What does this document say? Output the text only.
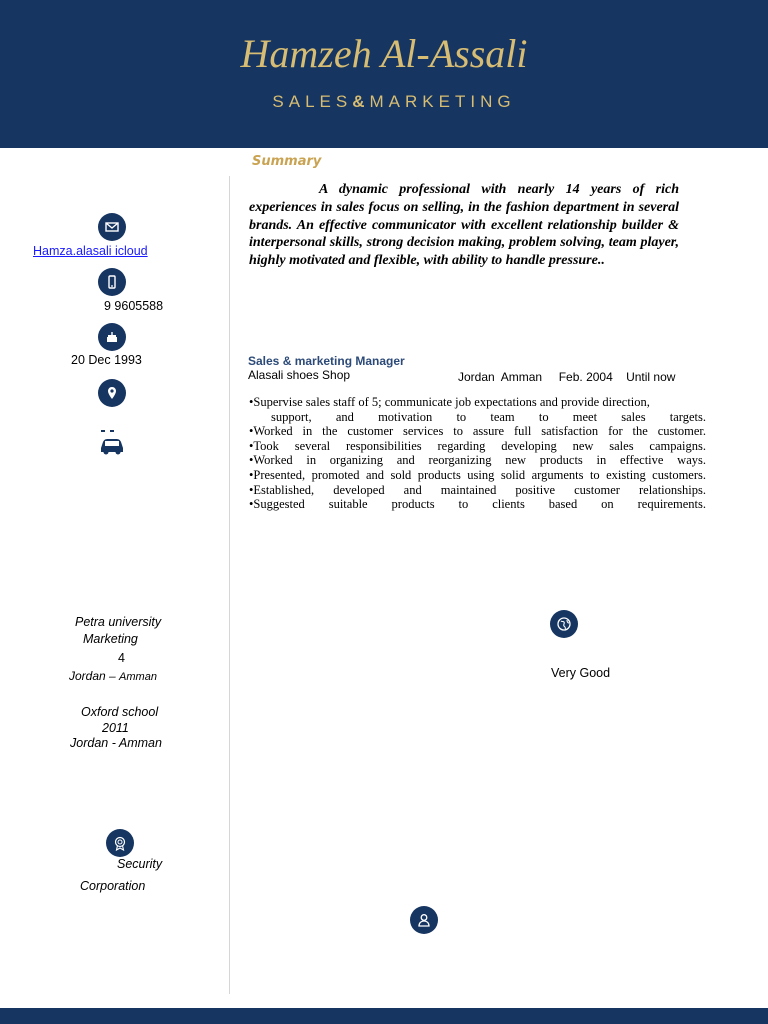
Hamzeh Al-Assali
SALES&MARKETING
Hamza.alasali icloud
9 9605588
20 Dec 1993
Petra university
Marketing
4
Jordan – Amman
Oxford school
2011
Jordan - Amman
Security
Corporation
Summary
A dynamic professional with nearly 14 years of rich experiences in sales focus on selling, in the fashion department in several brands. An effective communicator with excellent relationship builder & interpersonal skills, strong decision making, problem solving, team player, highly motivated and flexible, with ability to handle pressure..
Sales & marketing Manager
Alasali shoes Shop	Jordan  Amman Feb. 2004    Until now
•Supervise sales staff of 5; communicate job expectations and provide direction,
support, and motivation to team to meet sales targets.
•Worked in the customer services to assure full satisfaction for the customer.
•Took several responsibilities regarding developing new sales campaigns.
•Worked in organizing and reorganizing new products in effective ways.
•Presented, promoted and sold products using solid arguments to existing customers.
•Established, developed and maintained positive customer relationships.
•Suggested suitable products to clients based on requirements.
Very Good
